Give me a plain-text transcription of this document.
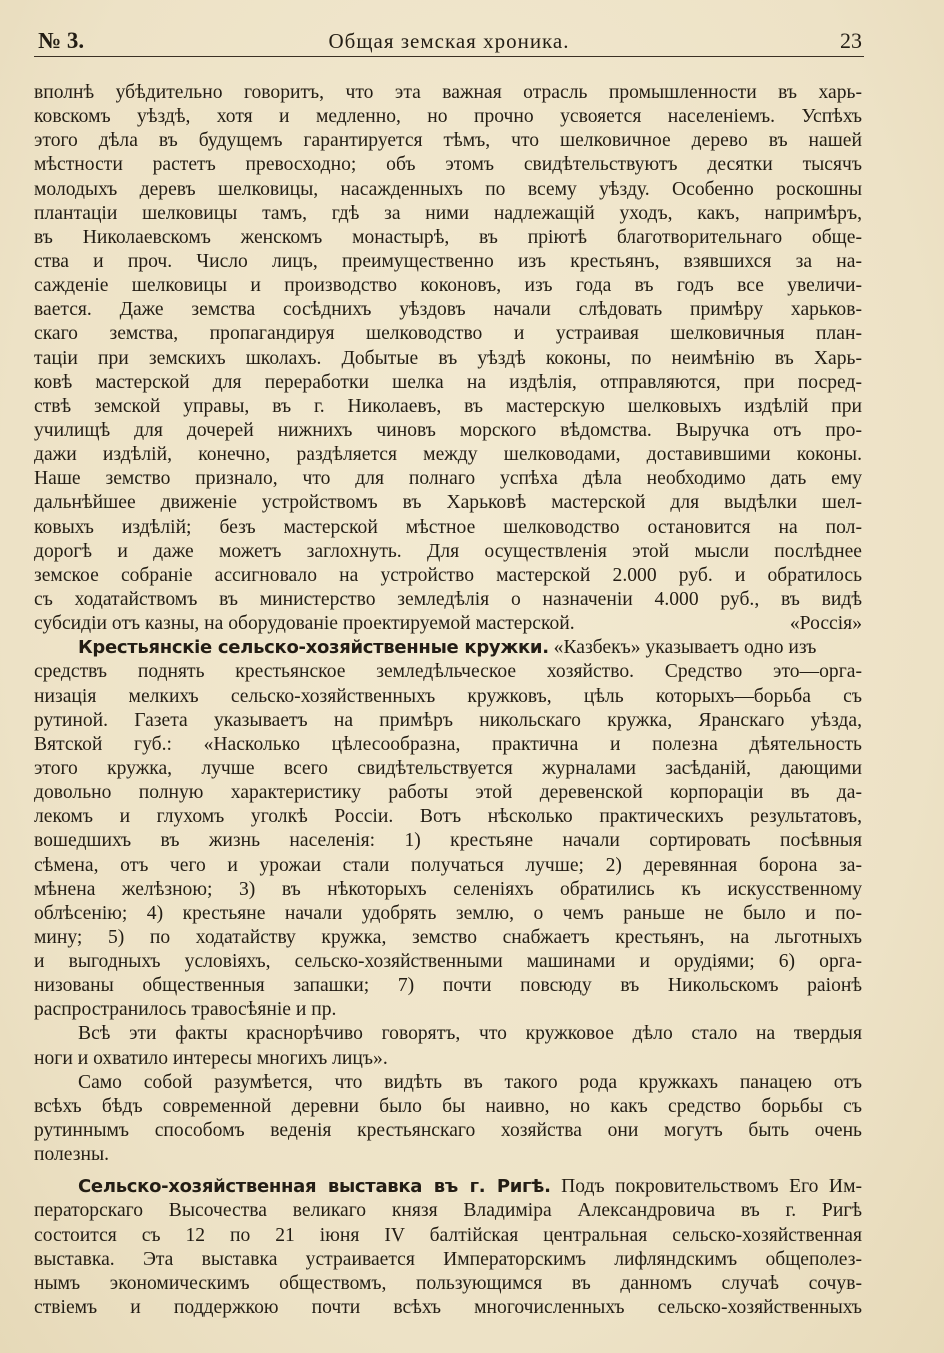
№ 3.	Общая земская хроника.	23
вполнѣ убѣдительно говоритъ, что эта важная отрасль промышленности въ харь-
ковскомъ уѣздѣ, хотя и медленно, но прочно усвояется населеніемъ. Успѣхъ
этого дѣла въ будущемъ гарантируется тѣмъ, что шелковичное дерево въ нашей
мѣстности растетъ превосходно; объ этомъ свидѣтельствуютъ десятки тысячъ
молодыхъ деревъ шелковицы, насажденныхъ по всему уѣзду. Особенно роскошны
плантаціи шелковицы тамъ, гдѣ за ними надлежащій уходъ, какъ, напримѣръ,
въ Николаевскомъ женскомъ монастырѣ, въ пріютѣ благотворительнаго обще-
ства и проч. Число лицъ, преимущественно изъ крестьянъ, взявшихся за на-
сажденіе шелковицы и производство коконовъ, изъ года въ годъ все увеличи-
вается. Даже земства сосѣднихъ уѣздовъ начали слѣдовать примѣру харьков-
скаго земства, пропагандируя шелководство и устраивая шелковичныя план-
таціи при земскихъ школахъ. Добытые въ уѣздѣ коконы, по неимѣнію въ Харь-
ковѣ мастерской для переработки шелка на издѣлія, отправляются, при посред-
ствѣ земской управы, въ г. Николаевъ, въ мастерскую шелковыхъ издѣлій при
училищѣ для дочерей нижнихъ чиновъ морского вѣдомства. Выручка отъ про-
дажи издѣлій, конечно, раздѣляется между шелководами, доставившими коконы.
Наше земство признало, что для полнаго успѣха дѣла необходимо дать ему
дальнѣйшее движеніе устройствомъ въ Харьковѣ мастерской для выдѣлки шел-
ковыхъ издѣлій; безъ мастерской мѣстное шелководство остановится на пол-
дорогѣ и даже можетъ заглохнуть. Для осуществленія этой мысли послѣднее
земское собраніе ассигновало на устройство мастерской 2.000 руб. и обратилось
съ ходатайствомъ въ министерство земледѣлія о назначеніи 4.000 руб., въ видѣ
субсидіи отъ казны, на оборудованіе проектируемой мастерской.	«Россія»
Крестьянскіе сельско-хозяйственные кружки. «Казбекъ» указываетъ одно изъ
средствъ поднять крестьянское земледѣльческое хозяйство. Средство это—орга-
низація мелкихъ сельско-хозяйственныхъ кружковъ, цѣль которыхъ—борьба съ
рутиной. Газета указываетъ на примѣръ никольскаго кружка, Яранскаго уѣзда,
Вятской губ.: «Насколько цѣлесообразна, практична и полезна дѣятельность
этого кружка, лучше всего свидѣтельствуется журналами засѣданій, дающими
довольно полную характеристику работы этой деревенской корпораціи въ да-
лекомъ и глухомъ уголкѣ Россіи. Вотъ нѣсколько практическихъ результатовъ,
вошедшихъ въ жизнь населенія: 1) крестьяне начали сортировать посѣвныя
сѣмена, отъ чего и урожаи стали получаться лучше; 2) деревянная борона за-
мѣнена желѣзною; 3) въ нѣкоторыхъ селеніяхъ обратились къ искусственному
облѣсенію; 4) крестьяне начали удобрять землю, о чемъ раньше не было и по-
мину; 5) по ходатайству кружка, земство снабжаетъ крестьянъ, на льготныхъ
и выгодныхъ условіяхъ, сельско-хозяйственными машинами и орудіями; 6) орга-
низованы общественныя запашки; 7) почти повсюду въ Никольскомъ раіонѣ
распространилось травосѣяніе и пр.
Всѣ эти факты краснорѣчиво говорятъ, что кружковое дѣло стало на твердыя
ноги и охватило интересы многихъ лицъ».
Само собой разумѣется, что видѣть въ такого рода кружкахъ панацею отъ
всѣхъ бѣдъ современной деревни было бы наивно, но какъ средство борьбы съ
рутиннымъ способомъ веденія крестьянскаго хозяйства они могутъ быть очень
полезны.
Сельско-хозяйственная выставка въ г. Ригѣ. Подъ покровительствомъ Его Им-
ператорскаго Высочества великаго князя Владиміра Александровича въ г. Ригѣ
состоится съ 12 по 21 іюня IV балтійская центральная сельско-хозяйственная
выставка. Эта выставка устраивается Императорскимъ лифляндскимъ общеполез-
нымъ экономическимъ обществомъ, пользующимся въ данномъ случаѣ сочув-
ствіемъ и поддержкою почти всѣхъ многочисленныхъ сельско-хозяйственныхъ
